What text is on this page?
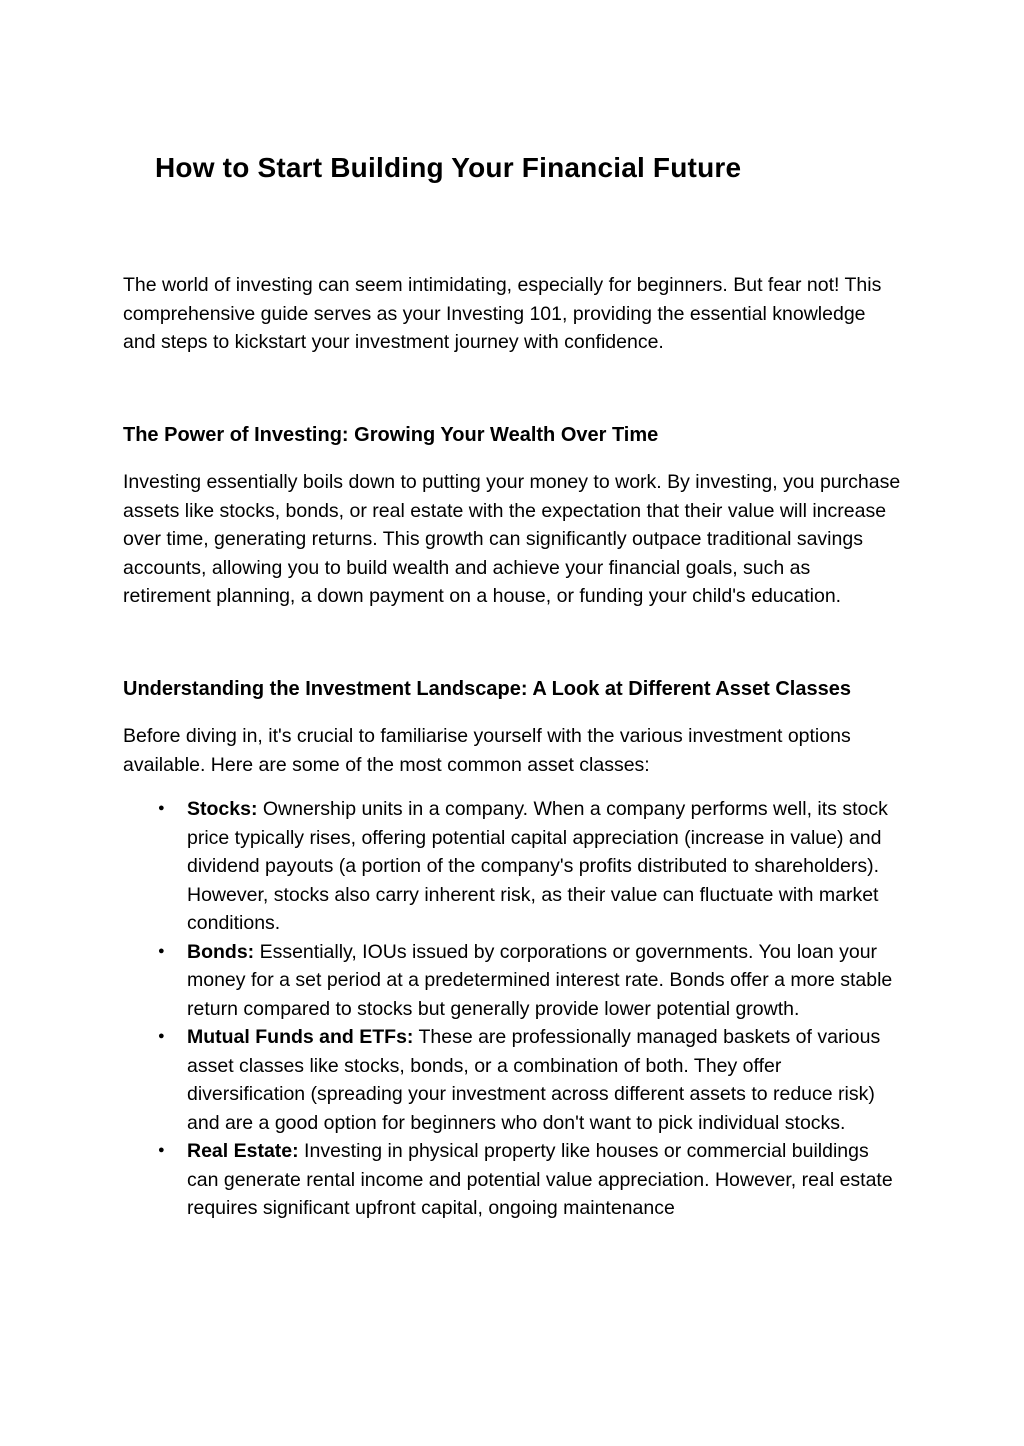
How to Start Building Your Financial Future

The world of investing can seem intimidating, especially for beginners. But fear not! This comprehensive guide serves as your Investing 101, providing the essential knowledge and steps to kickstart your investment journey with confidence.

The Power of Investing: Growing Your Wealth Over Time

Investing essentially boils down to putting your money to work. By investing, you purchase assets like stocks, bonds, or real estate with the expectation that their value will increase over time, generating returns. This growth can significantly outpace traditional savings accounts, allowing you to build wealth and achieve your financial goals, such as retirement planning, a down payment on a house, or funding your child's education.

Understanding the Investment Landscape: A Look at Different Asset Classes

Before diving in, it's crucial to familiarise yourself with the various investment options available. Here are some of the most common asset classes:

● Stocks: Ownership units in a company. When a company performs well, its stock price typically rises, offering potential capital appreciation (increase in value) and dividend payouts (a portion of the company's profits distributed to shareholders). However, stocks also carry inherent risk, as their value can fluctuate with market conditions.
● Bonds: Essentially, IOUs issued by corporations or governments. You loan your money for a set period at a predetermined interest rate. Bonds offer a more stable return compared to stocks but generally provide lower potential growth.
● Mutual Funds and ETFs: These are professionally managed baskets of various asset classes like stocks, bonds, or a combination of both. They offer diversification (spreading your investment across different assets to reduce risk) and are a good option for beginners who don't want to pick individual stocks.
● Real Estate: Investing in physical property like houses or commercial buildings can generate rental income and potential value appreciation. However, real estate requires significant upfront capital, ongoing maintenance
